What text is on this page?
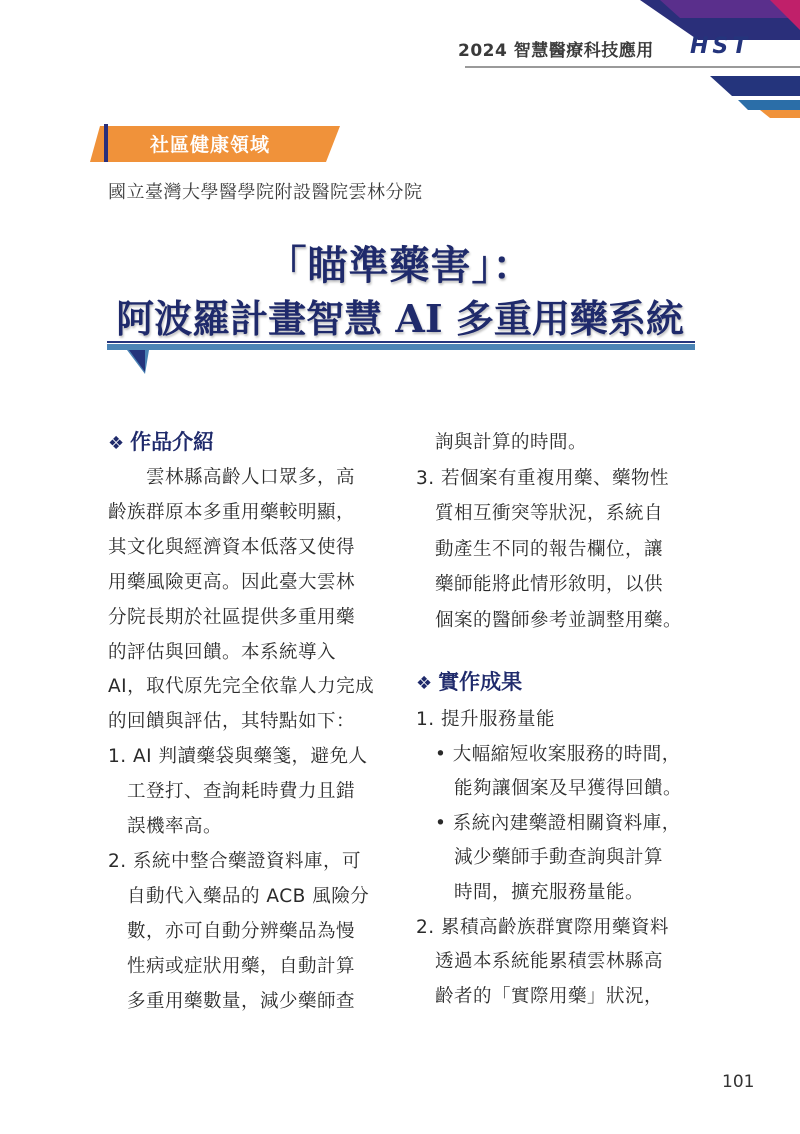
2024 智慧醫療科技應用	HST
社區健康領域
國立臺灣大學醫學院附設醫院雲林分院
「瞄準藥害」：
阿波羅計畫智慧 AI 多重用藥系統
❖ 作品介紹
　　雲林縣高齡人口眾多，高
齡族群原本多重用藥較明顯，
其文化與經濟資本低落又使得
用藥風險更高。因此臺大雲林
分院長期於社區提供多重用藥
的評估與回饋。本系統導入
AI，取代原先完全依靠人力完成
的回饋與評估，其特點如下：
1. AI 判讀藥袋與藥箋，避免人
　工登打、查詢耗時費力且錯
　誤機率高。
2. 系統中整合藥證資料庫，可
　自動代入藥品的 ACB 風險分
　數，亦可自動分辨藥品為慢
　性病或症狀用藥，自動計算
　多重用藥數量，減少藥師查
　詢與計算的時間。
3. 若個案有重複用藥、藥物性
　質相互衝突等狀況，系統自
　動產生不同的報告欄位，讓
　藥師能將此情形敘明，以供
　個案的醫師參考並調整用藥。
❖ 實作成果
1. 提升服務量能
　• 大幅縮短收案服務的時間，
　　能夠讓個案及早獲得回饋。
　• 系統內建藥證相關資料庫，
　　減少藥師手動查詢與計算
　　時間，擴充服務量能。
2. 累積高齡族群實際用藥資料
　透過本系統能累積雲林縣高
　齡者的「實際用藥」狀況，
101
